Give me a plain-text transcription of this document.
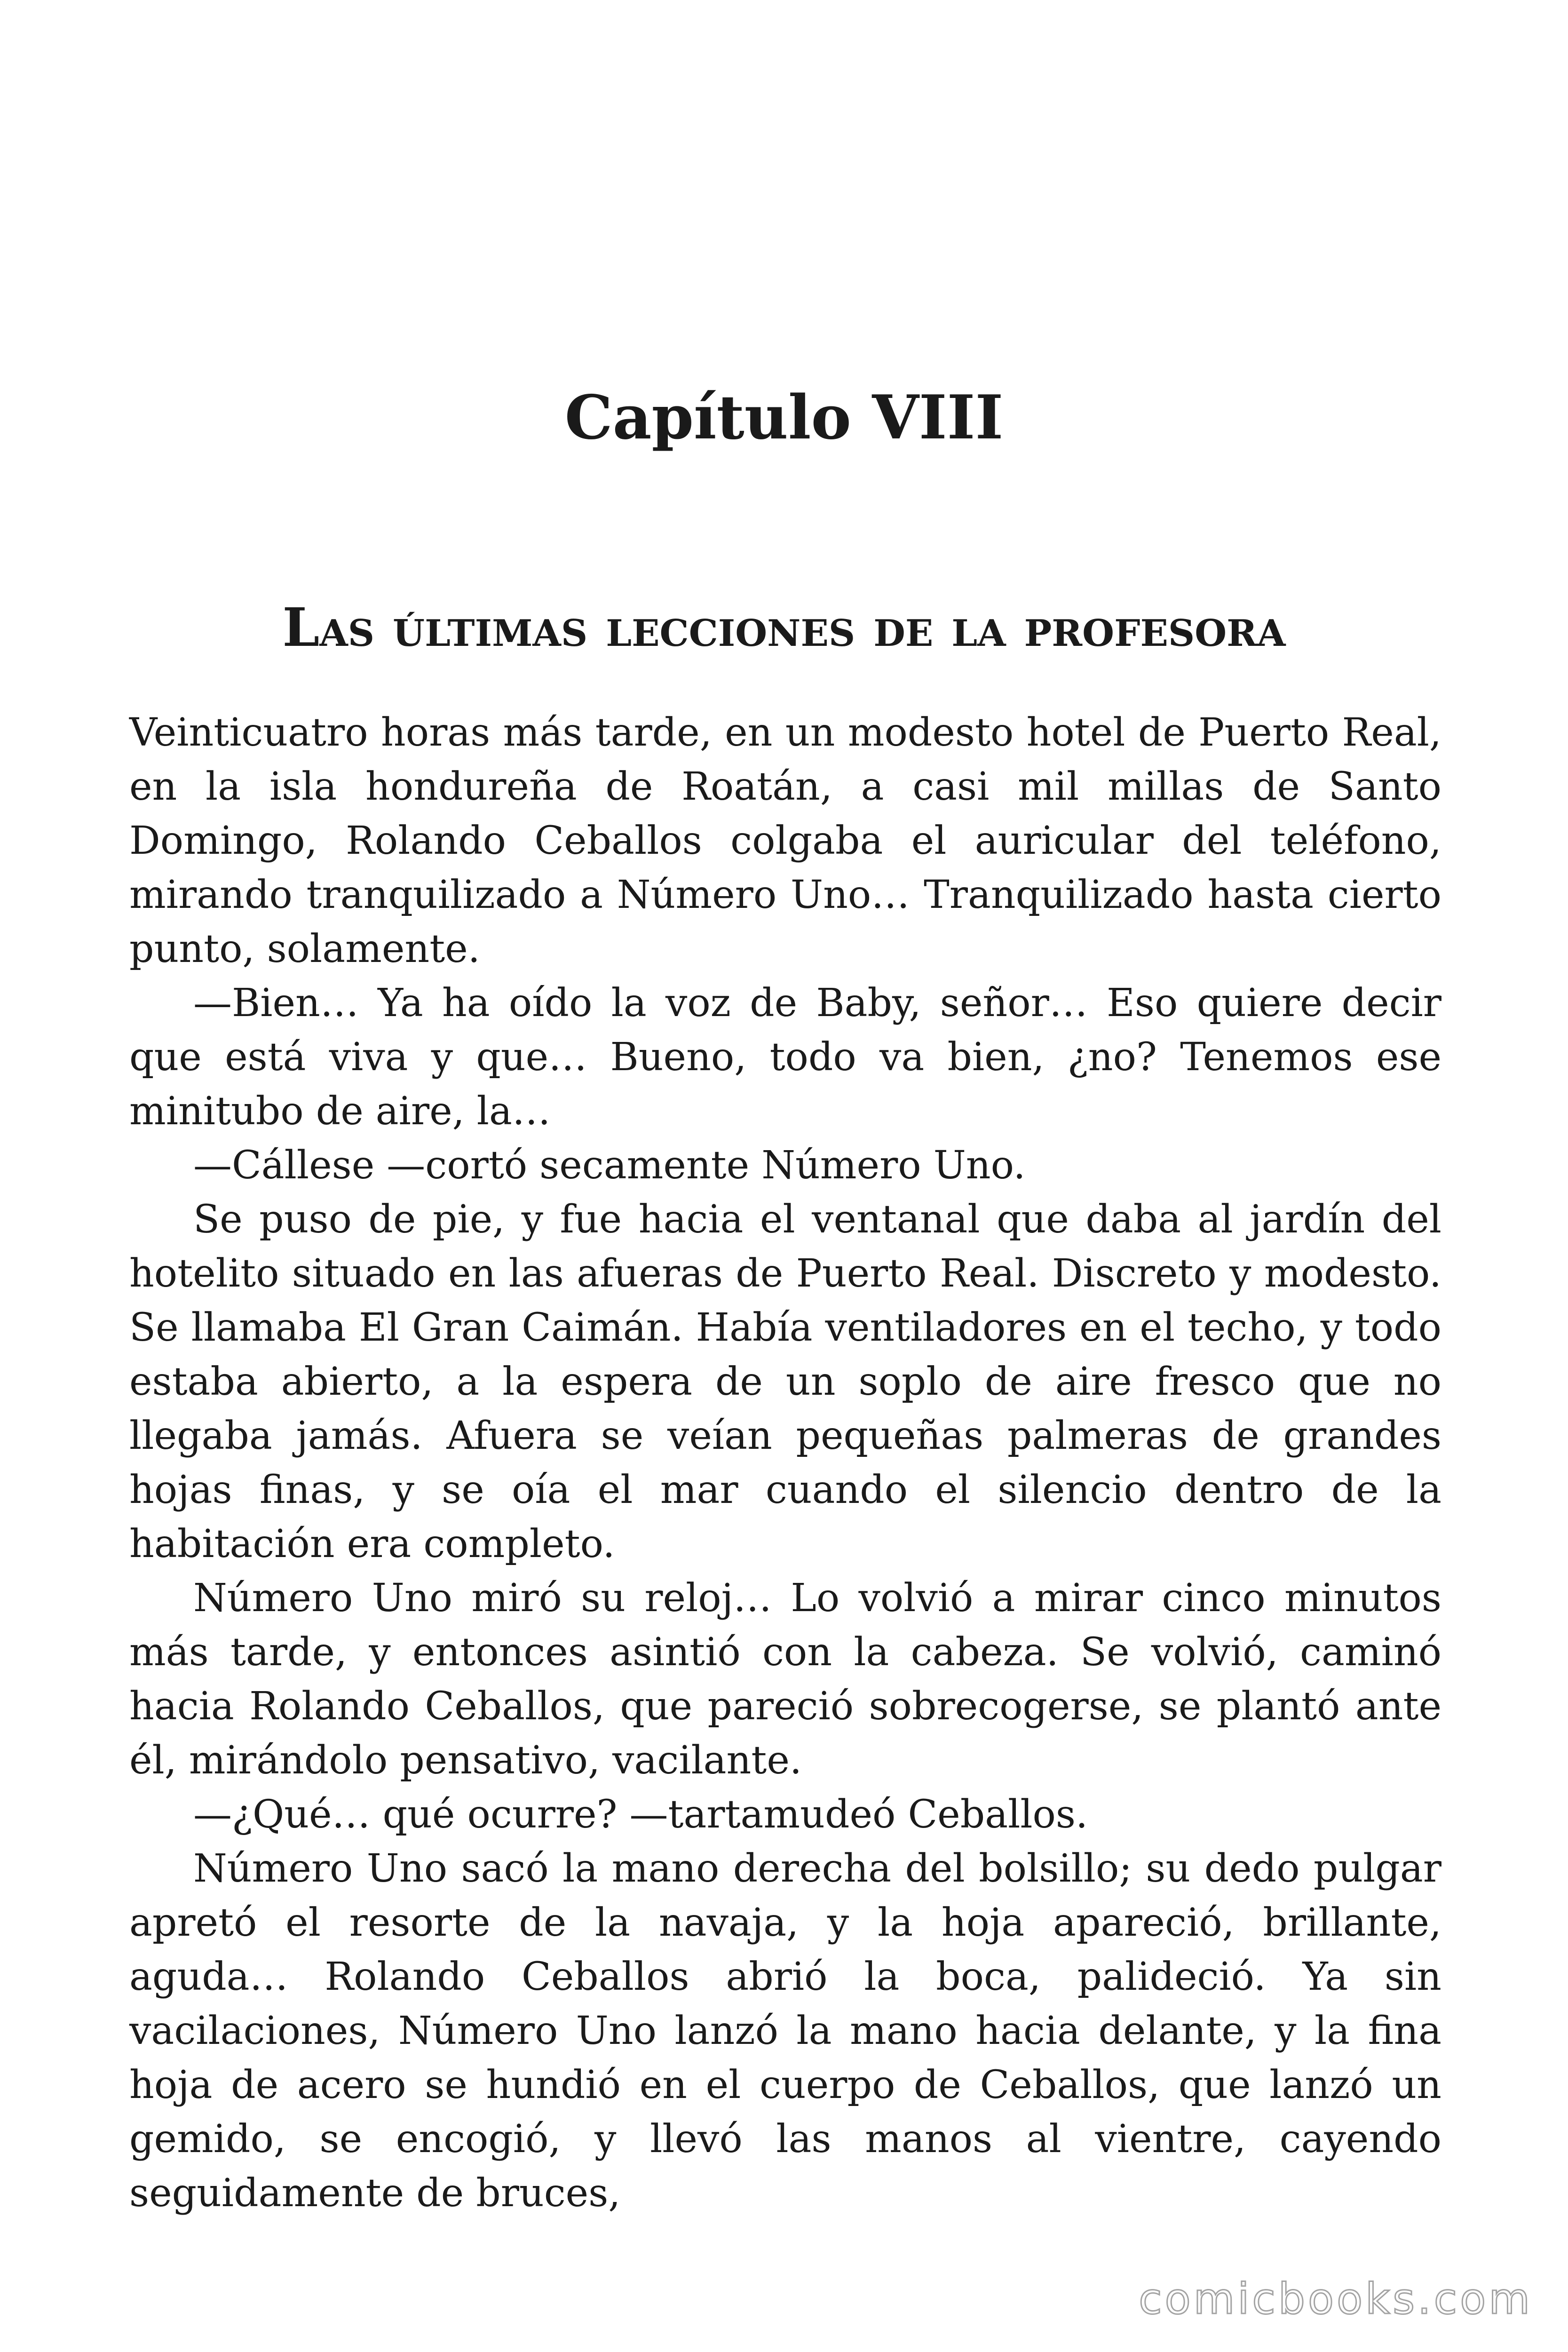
Capítulo VIII
Las últimas lecciones de la profesora

Veinticuatro horas más tarde, en un modesto hotel de Puerto Real, en la isla hondureña de Roatán, a casi mil millas de Santo Domingo, Rolando Ceballos colgaba el auricular del teléfono, mirando tranquilizado a Número Uno… Tranquilizado hasta cierto punto, solamente.

—Bien… Ya ha oído la voz de Baby, señor… Eso quiere decir que está viva y que… Bueno, todo va bien, ¿no? Tenemos ese minitubo de aire, la…

—Cállese —cortó secamente Número Uno.

Se puso de pie, y fue hacia el ventanal que daba al jardín del hotelito situado en las afueras de Puerto Real. Discreto y modesto. Se llamaba El Gran Caimán. Había ventiladores en el techo, y todo estaba abierto, a la espera de un soplo de aire fresco que no llegaba jamás. Afuera se veían pequeñas palmeras de grandes hojas finas, y se oía el mar cuando el silencio dentro de la habitación era completo.

Número Uno miró su reloj… Lo volvió a mirar cinco minutos más tarde, y entonces asintió con la cabeza. Se volvió, caminó hacia Rolando Ceballos, que pareció sobrecogerse, se plantó ante él, mirándolo pensativo, vacilante.

—¿Qué… qué ocurre? —tartamudeó Ceballos.

Número Uno sacó la mano derecha del bolsillo; su dedo pulgar apretó el resorte de la navaja, y la hoja apareció, brillante, aguda… Rolando Ceballos abrió la boca, palideció. Ya sin vacilaciones, Número Uno lanzó la mano hacia delante, y la fina hoja de acero se hundió en el cuerpo de Ceballos, que lanzó un gemido, se encogió, y llevó las manos al vientre, cayendo seguidamente de bruces,

comicbooks.com
